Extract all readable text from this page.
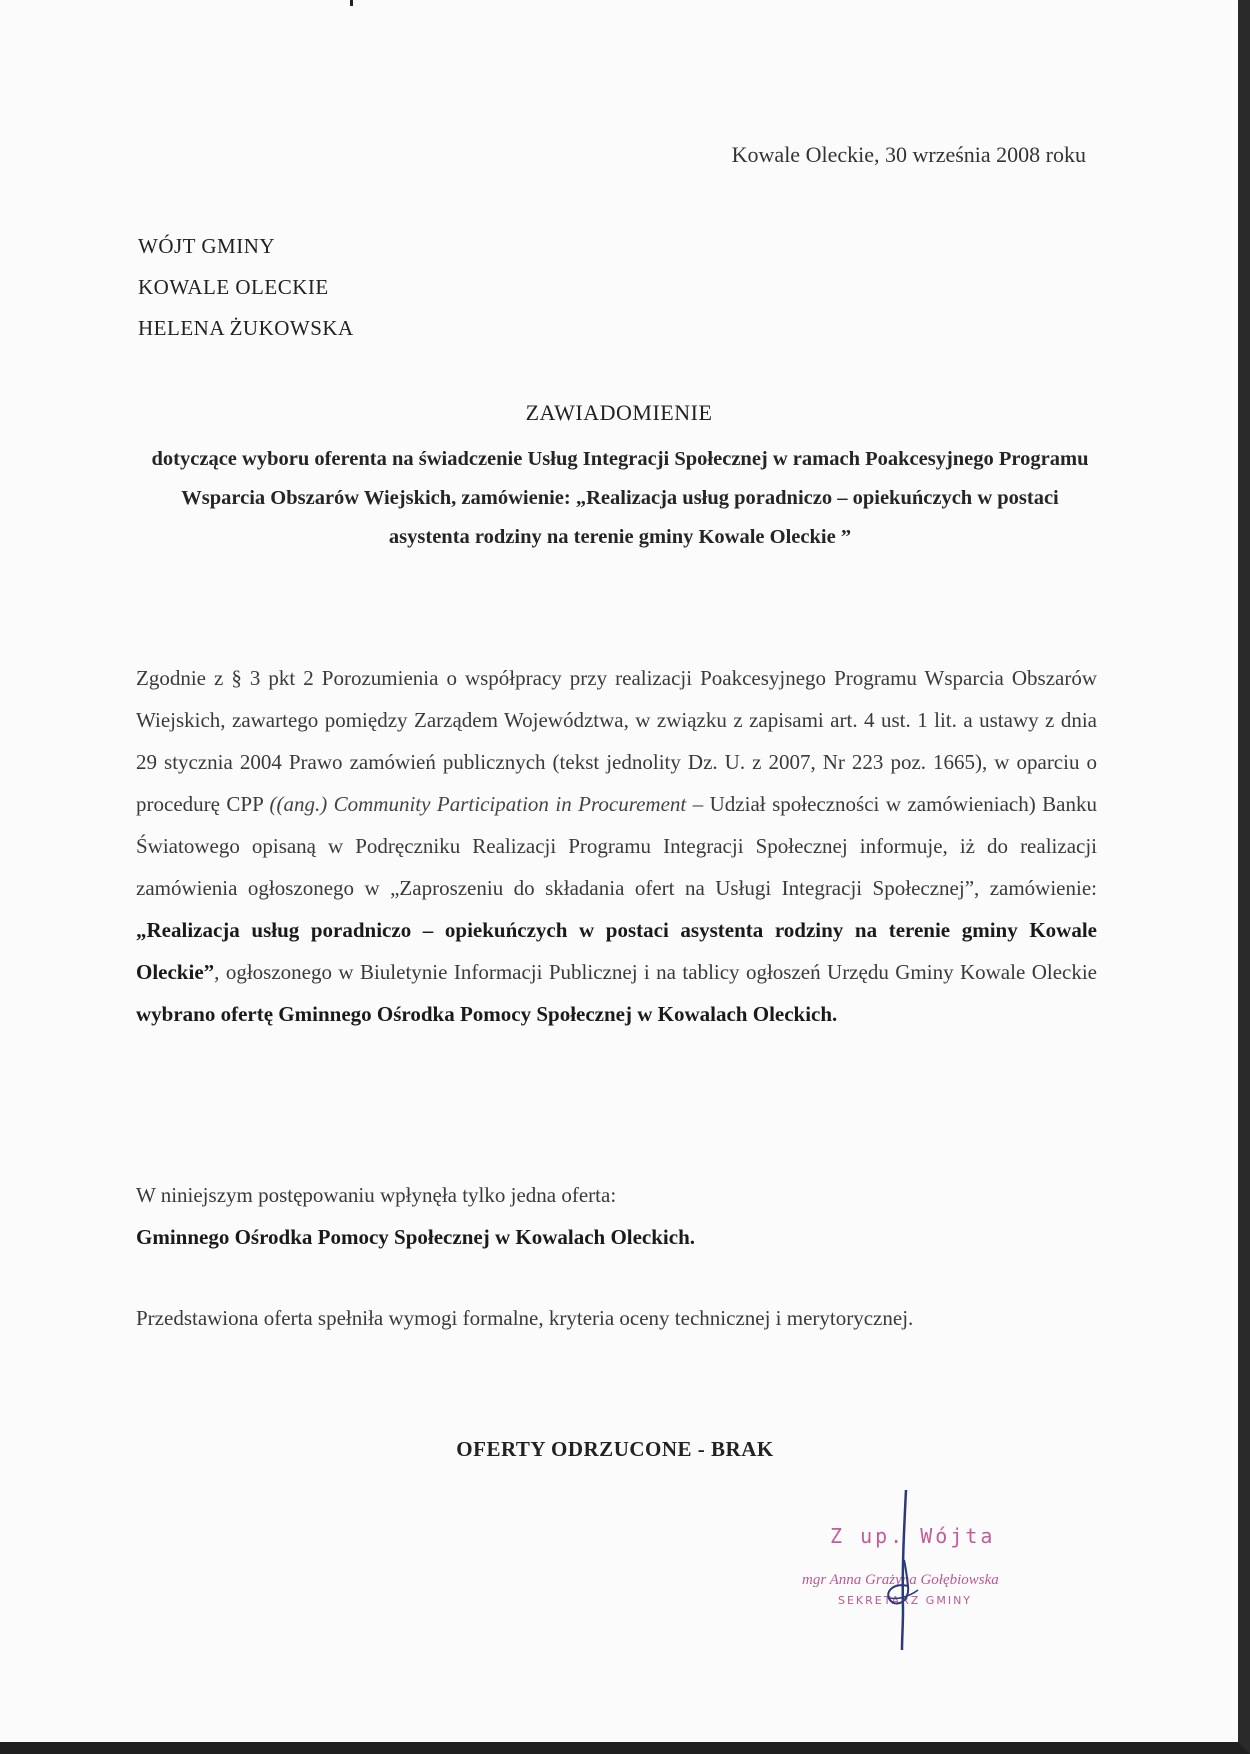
Kowale Oleckie, 30 września 2008 roku
WÓJT GMINY
KOWALE OLECKIE
HELENA ŻUKOWSKA
ZAWIADOMIENIE
dotyczące wyboru oferenta na świadczenie Usług Integracji Społecznej w ramach Poakcesyjnego Programu Wsparcia Obszarów Wiejskich, zamówienie: „Realizacja usług poradniczo – opiekuńczych w postaci asystenta rodziny na terenie gminy Kowale Oleckie ”
Zgodnie z § 3 pkt 2 Porozumienia o współpracy przy realizacji Poakcesyjnego Programu Wsparcia Obszarów Wiejskich, zawartego pomiędzy Zarządem Województwa, w związku z zapisami art. 4 ust. 1 lit. a ustawy z dnia 29 stycznia 2004 Prawo zamówień publicznych (tekst jednolity Dz. U. z 2007, Nr 223 poz. 1665), w oparciu o procedurę CPP ((ang.) Community Participation in Procurement – Udział społeczności w zamówieniach) Banku Światowego opisaną w Podręczniku Realizacji Programu Integracji Społecznej informuje, iż do realizacji zamówienia ogłoszonego w „Zaproszeniu do składania ofert na Usługi Integracji Społecznej”, zamówienie: „Realizacja usług poradniczo – opiekuńczych w postaci asystenta rodziny na terenie gminy Kowale Oleckie”, ogłoszonego w Biuletynie Informacji Publicznej i na tablicy ogłoszeń Urzędu Gminy Kowale Oleckie wybrano ofertę Gminnego Ośrodka Pomocy Społecznej w Kowalach Oleckich.
W niniejszym postępowaniu wpłynęła tylko jedna oferta:
Gminnego Ośrodka Pomocy Społecznej w Kowalach Oleckich.
Przedstawiona oferta spełniła wymogi formalne, kryteria oceny technicznej i merytorycznej.
OFERTY ODRZUCONE - BRAK
Z up. Wójta
mgr Anna Grażyna Gołębiowska
SEKRETARZ GMINY
